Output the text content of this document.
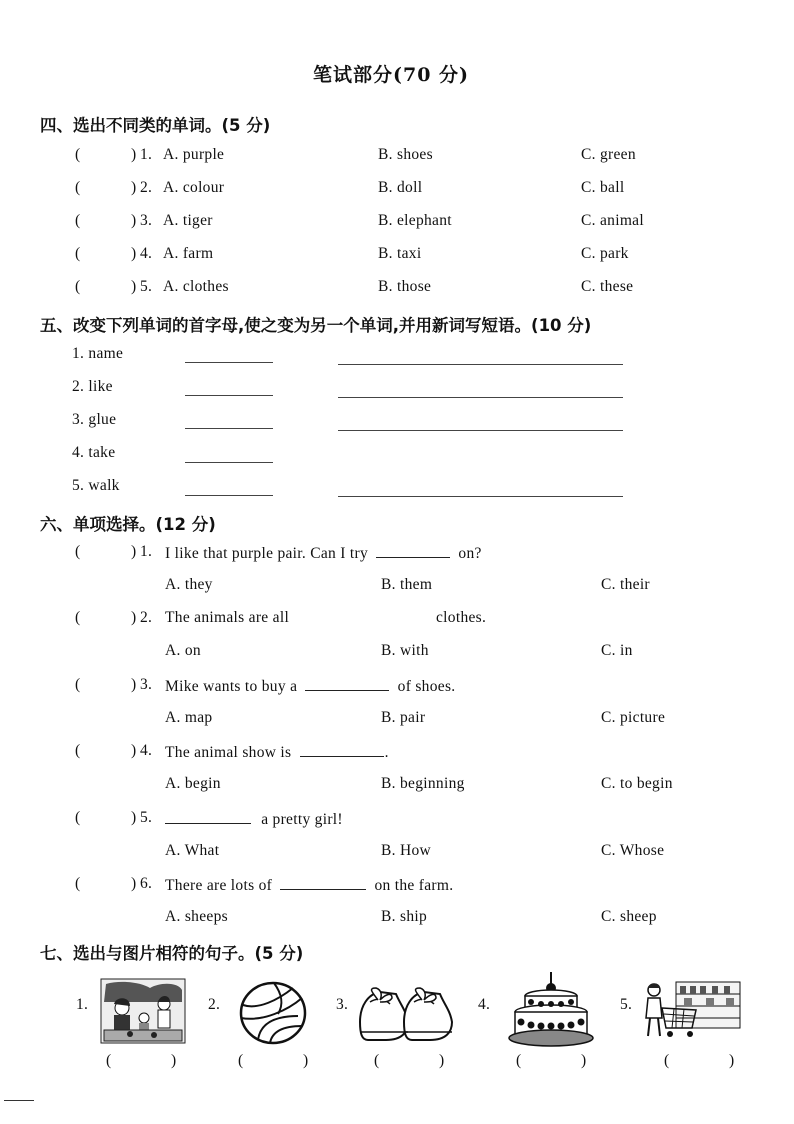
笔试部分(70 分)
四、选出不同类的单词。(5 分)
(	) 1. A. purple	B. shoes	C. green
(	) 2. A. colour	B. doll	C. ball
(	) 3. A. tiger	B. elephant	C. animal
(	) 4. A. farm	B. taxi	C. park
(	) 5. A. clothes	B. those	C. these
五、改变下列单词的首字母,使之变为另一个单词,并用新词写短语。(10 分)
1. name
2. like
3. glue
4. take
5. walk
六、单项选择。(12 分)
(	) 1. I like that purple pair. Can I try	on?
A. they	B. them	C. their
(	) 2. The animals are all	clothes.
A. on	B. with	C. in
(	) 3. Mike wants to buy a	of shoes.
A. map	B. pair	C. picture
(	) 4. The animal show is	.
A. begin	B. beginning	C. to begin
(	) 5.	a pretty girl!
A. What	B. How	C. Whose
(	) 6. There are lots of	on the farm.
A. sheeps	B. ship	C. sheep
七、选出与图片相符的句子。(5 分)
1.	2.	3.	4.	5.
(	)	(	)	(	)	(	)	(	)
